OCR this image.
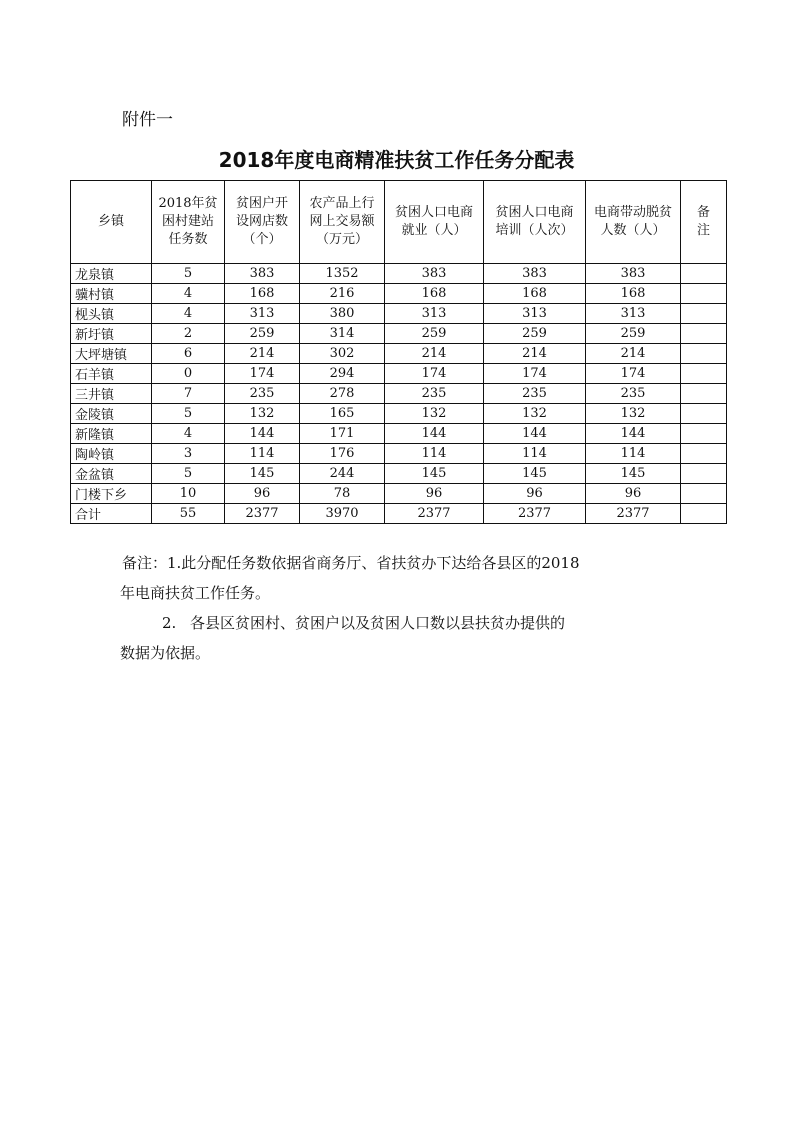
附件一
2018年度电商精准扶贫工作任务分配表
乡镇	2018年贫困村建站任务数	贫困户开设网店数（个）	农产品上行网上交易额（万元）	贫困人口电商就业（人）	贫困人口电商培训（人次）	电商带动脱贫人数（人）	备注
龙泉镇	5	383	1352	383	383	383	
骥村镇	4	168	216	168	168	168	
枧头镇	4	313	380	313	313	313	
新圩镇	2	259	314	259	259	259	
大坪塘镇	6	214	302	214	214	214	
石羊镇	0	174	294	174	174	174	
三井镇	7	235	278	235	235	235	
金陵镇	5	132	165	132	132	132	
新隆镇	4	144	171	144	144	144	
陶岭镇	3	114	176	114	114	114	
金盆镇	5	145	244	145	145	145	
门楼下乡	10	96	78	96	96	96	
合计	55	2377	3970	2377	2377	2377	

备注：1.此分配任务数依据省商务厅、省扶贫办下达给各县区的2018

年电商扶贫工作任务。

2. 各县区贫困村、贫困户以及贫困人口数以县扶贫办提供的

数据为依据。
